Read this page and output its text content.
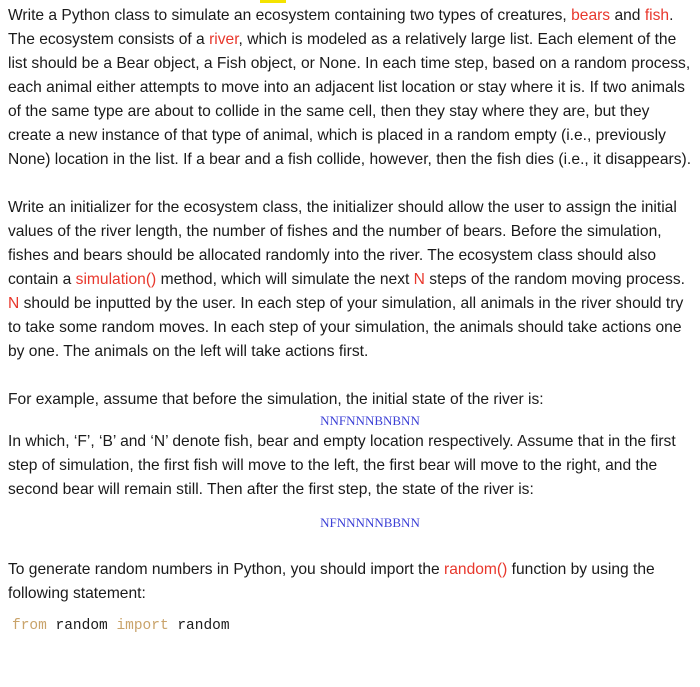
Write a Python class to simulate an ecosystem containing two types of creatures, bears and fish. The ecosystem consists of a river, which is modeled as a relatively large list. Each element of the list should be a Bear object, a Fish object, or None. In each time step, based on a random process, each animal either attempts to move into an adjacent list location or stay where it is. If two animals of the same type are about to collide in the same cell, then they stay where they are, but they create a new instance of that type of animal, which is placed in a random empty (i.e., previously None) location in the list. If a bear and a fish collide, however, then the fish dies (i.e., it disappears).

Write an initializer for the ecosystem class, the initializer should allow the user to assign the initial values of the river length, the number of fishes and the number of bears. Before the simulation, fishes and bears should be allocated randomly into the river. The ecosystem class should also contain a simulation() method, which will simulate the next N steps of the random moving process. N should be inputted by the user. In each step of your simulation, all animals in the river should try to take some random moves. In each step of your simulation, the animals should take actions one by one. The animals on the left will take actions first.

For example, assume that before the simulation, the initial state of the river is:

NNFNNNBNBNN

In which, ‘F’, ‘B’ and ‘N’ denote fish, bear and empty location respectively. Assume that in the first step of simulation, the first fish will move to the left, the first bear will move to the right, and the second bear will remain still. Then after the first step, the state of the river is:

NFNNNNNBBNN

To generate random numbers in Python, you should import the random() function by using the following statement:

from random import random
